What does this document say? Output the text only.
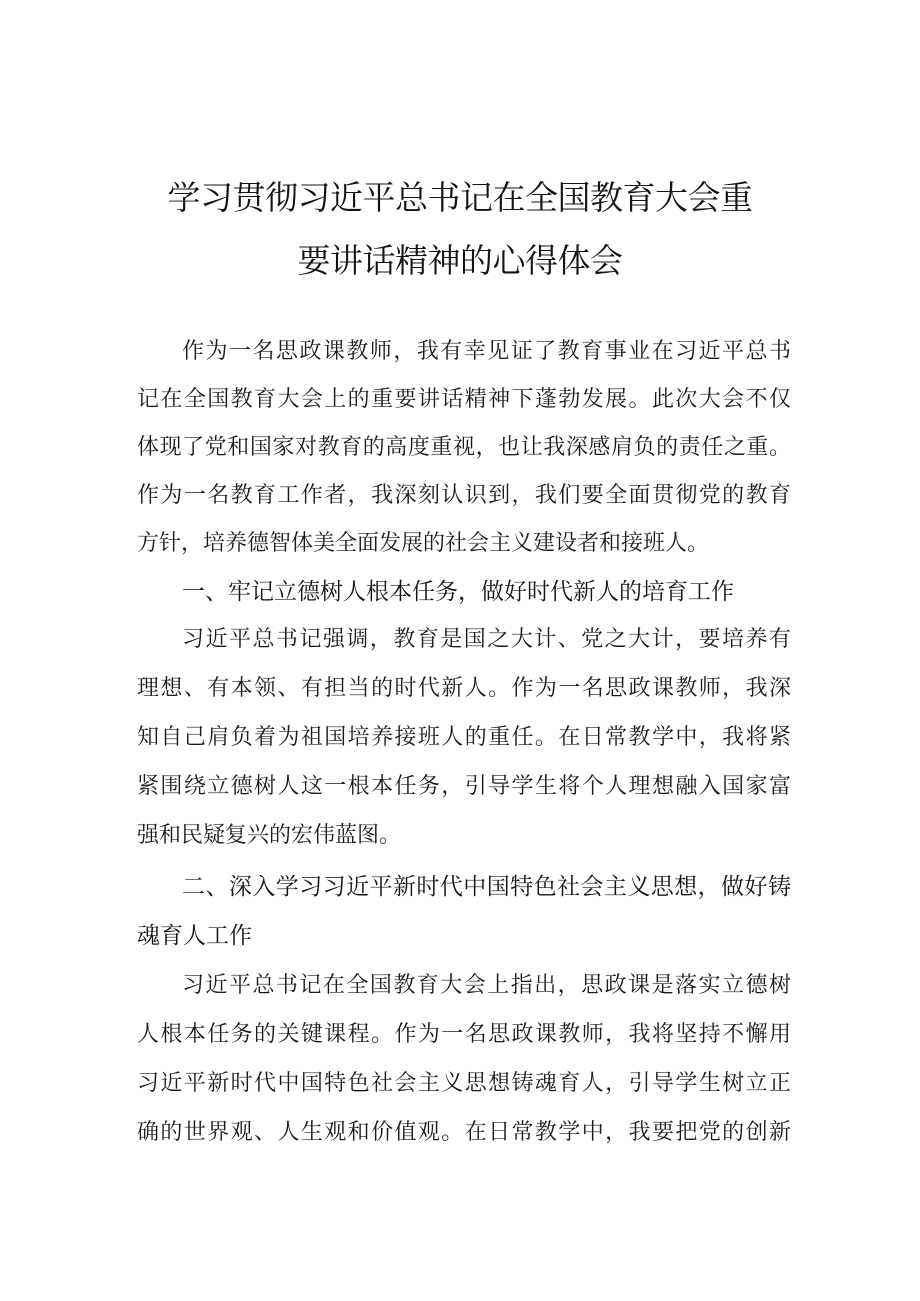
学习贯彻习近平总书记在全国教育大会重
要讲话精神的心得体会
作为一名思政课教师，我有幸见证了教育事业在习近平总书
记在全国教育大会上的重要讲话精神下蓬勃发展。此次大会不仅
体现了党和国家对教育的高度重视，也让我深感肩负的责任之重。
作为一名教育工作者，我深刻认识到，我们要全面贯彻党的教育
方针，培养德智体美全面发展的社会主义建设者和接班人。
一、牢记立德树人根本任务，做好时代新人的培育工作
习近平总书记强调，教育是国之大计、党之大计，要培养有
理想、有本领、有担当的时代新人。作为一名思政课教师，我深
知自己肩负着为祖国培养接班人的重任。在日常教学中，我将紧
紧围绕立德树人这一根本任务，引导学生将个人理想融入国家富
强和民疑复兴的宏伟蓝图。
二、深入学习习近平新时代中国特色社会主义思想，做好铸
魂育人工作
习近平总书记在全国教育大会上指出，思政课是落实立德树
人根本任务的关键课程。作为一名思政课教师，我将坚持不懈用
习近平新时代中国特色社会主义思想铸魂育人，引导学生树立正
确的世界观、人生观和价值观。在日常教学中，我要把党的创新
